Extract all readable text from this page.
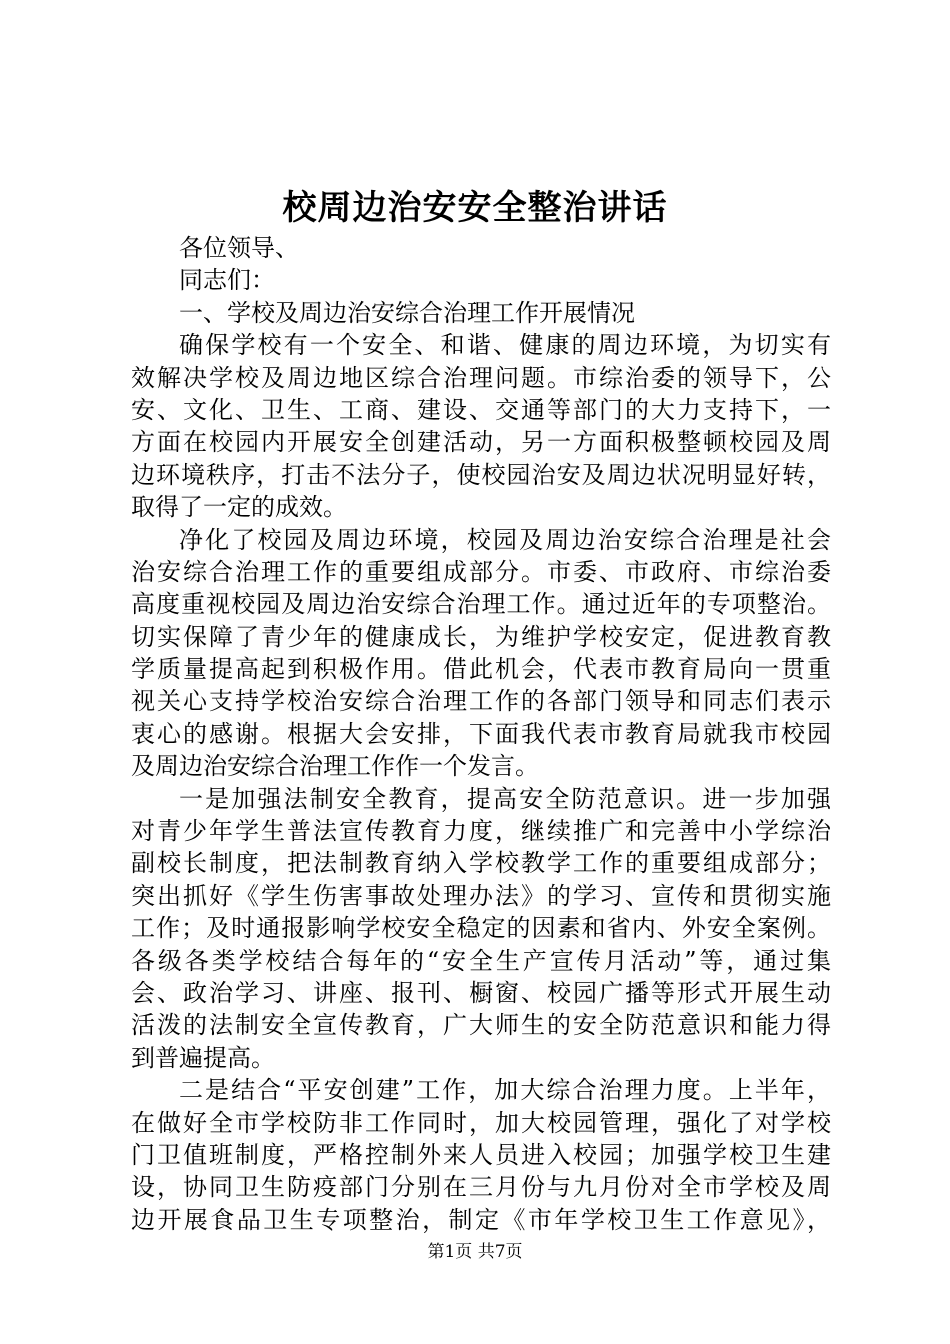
校周边治安安全整治讲话
各位领导、
同志们：
一、学校及周边治安综合治理工作开展情况
确保学校有一个安全、和谐、健康的周边环境，为切实有
效解决学校及周边地区综合治理问题。市综治委的领导下，公
安、文化、卫生、工商、建设、交通等部门的大力支持下，一
方面在校园内开展安全创建活动，另一方面积极整顿校园及周
边环境秩序，打击不法分子，使校园治安及周边状况明显好转，
取得了一定的成效。
净化了校园及周边环境，校园及周边治安综合治理是社会
治安综合治理工作的重要组成部分。市委、市政府、市综治委
高度重视校园及周边治安综合治理工作。通过近年的专项整治。
切实保障了青少年的健康成长，为维护学校安定，促进教育教
学质量提高起到积极作用。借此机会，代表市教育局向一贯重
视关心支持学校治安综合治理工作的各部门领导和同志们表示
衷心的感谢。根据大会安排，下面我代表市教育局就我市校园
及周边治安综合治理工作作一个发言。
一是加强法制安全教育，提高安全防范意识。进一步加强
对青少年学生普法宣传教育力度，继续推广和完善中小学综治
副校长制度，把法制教育纳入学校教学工作的重要组成部分；
突出抓好《学生伤害事故处理办法》的学习、宣传和贯彻实施
工作；及时通报影响学校安全稳定的因素和省内、外安全案例。
各级各类学校结合每年的“安全生产宣传月活动”等，通过集
会、政治学习、讲座、报刊、橱窗、校园广播等形式开展生动
活泼的法制安全宣传教育，广大师生的安全防范意识和能力得
到普遍提高。
二是结合“平安创建”工作，加大综合治理力度。上半年，
在做好全市学校防非工作同时，加大校园管理，强化了对学校
门卫值班制度，严格控制外来人员进入校园；加强学校卫生建
设，协同卫生防疫部门分别在三月份与九月份对全市学校及周
边开展食品卫生专项整治，制定《市年学校卫生工作意见》，
第1页 共7页
